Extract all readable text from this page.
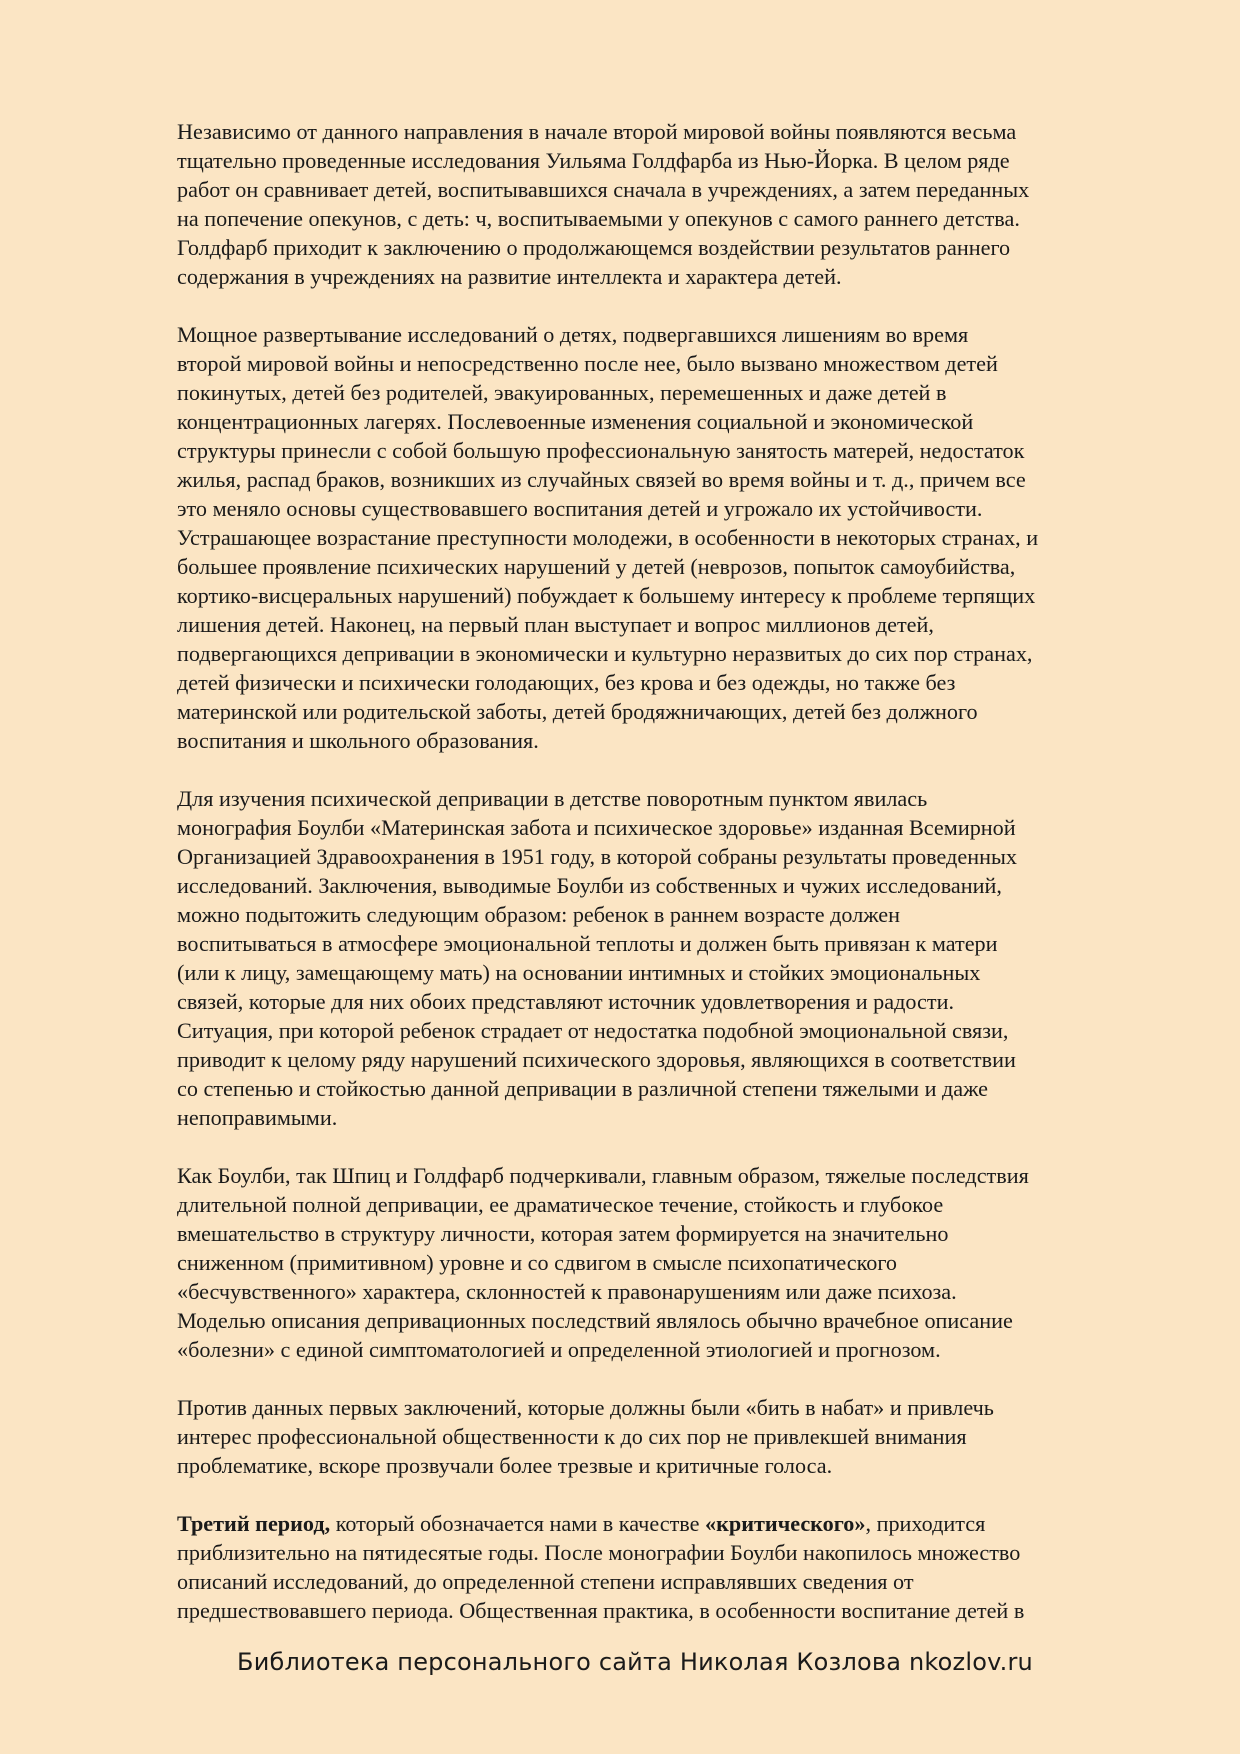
Независимо от данного направления в начале второй мировой войны появляются весьма
тщательно проведенные исследования Уильяма Голдфарба из Нью-Йорка. В целом ряде
работ он сравнивает детей, воспитывавшихся сначала в учреждениях, а затем переданных
на попечение опекунов, с деть: ч, воспитываемыми у опекунов с самого раннего детства.
Голдфарб приходит к заключению о продолжающемся воздействии результатов раннего
содержания в учреждениях на развитие интеллекта и характера детей.

Мощное развертывание исследований о детях, подвергавшихся лишениям во время
второй мировой войны и непосредственно после нее, было вызвано множеством детей
покинутых, детей без родителей, эвакуированных, перемешенных и даже детей в
концентрационных лагерях. Послевоенные изменения социальной и экономической
структуры принесли с собой большую профессиональную занятость матерей, недостаток
жилья, распад браков, возникших из случайных связей во время войны и т. д., причем все
это меняло основы существовавшего воспитания детей и угрожало их устойчивости.
Устрашающее возрастание преступности молодежи, в особенности в некоторых странах, и
большее проявление психических нарушений у детей (неврозов, попыток самоубийства,
кортико-висцеральных нарушений) побуждает к большему интересу к проблеме терпящих
лишения детей. Наконец, на первый план выступает и вопрос миллионов детей,
подвергающихся депривации в экономически и культурно неразвитых до сих пор странах,
детей физически и психически голодающих, без крова и без одежды, но также без
материнской или родительской заботы, детей бродяжничающих, детей без должного
воспитания и школьного образования.

Для изучения психической депривации в детстве поворотным пунктом явилась
монография Боулби «Материнская забота и психическое здоровье» изданная Всемирной
Организацией Здравоохранения в 1951 году, в которой собраны результаты проведенных
исследований. Заключения, выводимые Боулби из собственных и чужих исследований,
можно подытожить следующим образом: ребенок в раннем возрасте должен
воспитываться в атмосфере эмоциональной теплоты и должен быть привязан к матери
(или к лицу, замещающему мать) на основании интимных и стойких эмоциональных
связей, которые для них обоих представляют источник удовлетворения и радости.
Ситуация, при которой ребенок страдает от недостатка подобной эмоциональной связи,
приводит к целому ряду нарушений психического здоровья, являющихся в соответствии
со степенью и стойкостью данной депривации в различной степени тяжелыми и даже
непоправимыми.

Как Боулби, так Шпиц и Голдфарб подчеркивали, главным образом, тяжелые последствия
длительной полной депривации, ее драматическое течение, стойкость и глубокое
вмешательство в структуру личности, которая затем формируется на значительно
сниженном (примитивном) уровне и со сдвигом в смысле психопатического
«бесчувственного» характера, склонностей к правонарушениям или даже психоза.
Моделью описания депривационных последствий являлось обычно врачебное описание
«болезни» с единой симптоматологией и определенной этиологией и прогнозом.

Против данных первых заключений, которые должны были «бить в набат» и привлечь
интерес профессиональной общественности к до сих пор не привлекшей внимания
проблематике, вскоре прозвучали более трезвые и критичные голоса.

Третий период, который обозначается нами в качестве «критического», приходится
приблизительно на пятидесятые годы. После монографии Боулби накопилось множество
описаний исследований, до определенной степени исправлявших сведения от
предшествовавшего периода. Общественная практика, в особенности воспитание детей в

Библиотека персонального сайта Николая Козлова nkozlov.ru
